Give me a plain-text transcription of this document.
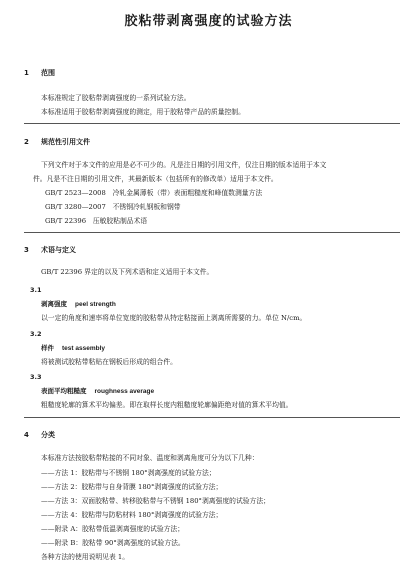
胶粘带剥离强度的试验方法
1 范围
本标准规定了胶粘带剥离强度的一系列试验方法。
本标准适用于胶粘带剥离强度的测定，用于胶粘带产品的质量控制。
2 规范性引用文件
下列文件对于本文件的应用是必不可少的。凡是注日期的引用文件，仅注日期的版本适用于本文
件。凡是不注日期的引用文件，其最新版本（包括所有的修改单）适用于本文件。
GB/T 2523—2008　冷轧金属薄板（带）表面粗糙度和峰值数测量方法
GB/T 3280—2007　不锈钢冷轧钢板和钢带
GB/T 22396　压敏胶粘制品术语
3 术语与定义
GB/T 22396 界定的以及下列术语和定义适用于本文件。
3.1
剥离强度 peel strength
以一定的角度和速率将单位宽度的胶粘带从特定粘接面上剥离所需要的力。单位 N/cm。
3.2
样件 test assembly
将被测试胶粘带粘贴在钢板后形成的组合件。
3.3
表面平均粗糙度 roughness average
粗糙度轮廓的算术平均偏差。即在取样长度内粗糙度轮廓偏距绝对值的算术平均值。
4 分类
本标准方法按胶粘带粘接的不同对象、温度和剥离角度可分为以下几种：
——方法 1：胶粘带与不锈钢 180°剥离强度的试验方法；
——方法 2：胶粘带与自身背膜 180°剥离强度的试验方法；
——方法 3：双面胶粘带、转移胶粘带与不锈钢 180°剥离强度的试验方法；
——方法 4：胶粘带与防粘材料 180°剥离强度的试验方法；
——附录 A：胶粘带低温剥离强度的试验方法；
——附录 B：胶粘带 90°剥离强度的试验方法。
各种方法的使用说明见表 1。
